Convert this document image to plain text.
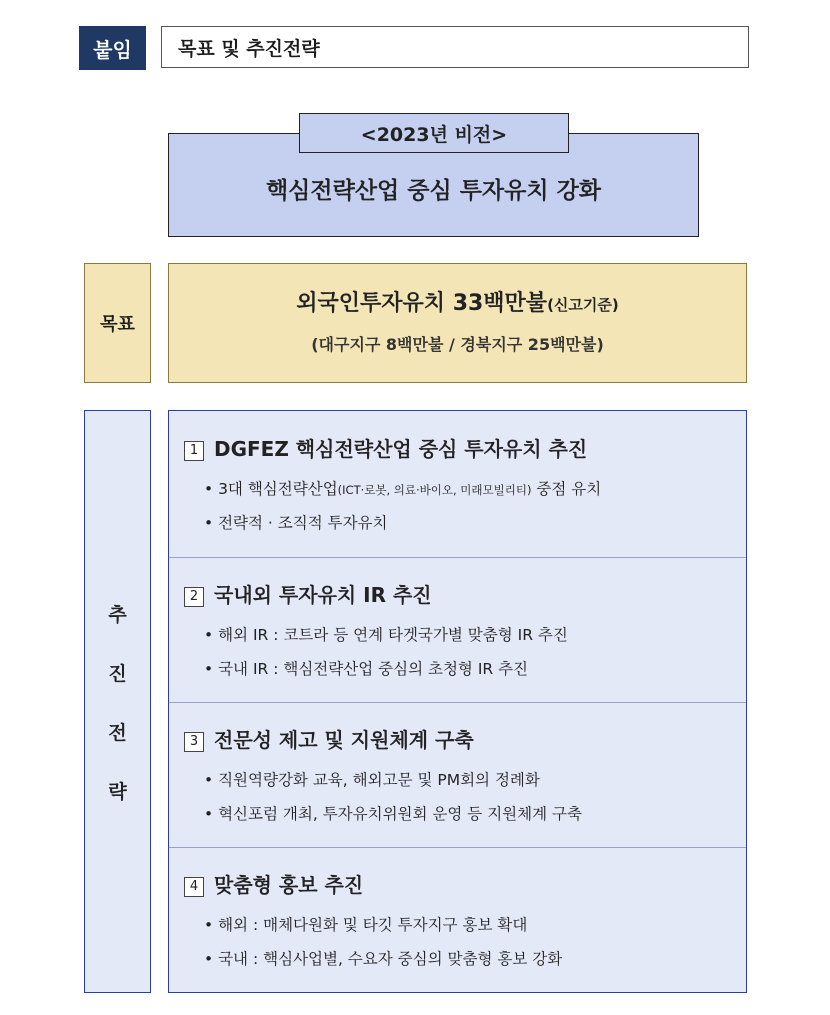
붙임	목표 및 추진전략
<2023년 비전>
핵심전략산업 중심 투자유치 강화
목표
외국인투자유치 33백만불(신고기준)
(대구지구 8백만불 / 경북지구 25백만불)
추
진
전
략
1 DGFEZ 핵심전략산업 중심 투자유치 추진
• 3대 핵심전략산업(ICT·로봇, 의료·바이오, 미래모빌리티) 중점 유치
• 전략적 · 조직적 투자유치
2 국내외 투자유치 IR 추진
• 해외 IR : 코트라 등 연계 타겟국가별 맞춤형 IR 추진
• 국내 IR : 핵심전략산업 중심의 초청형 IR 추진
3 전문성 제고 및 지원체계 구축
• 직원역량강화 교육, 해외고문 및 PM회의 정례화
• 혁신포럼 개최, 투자유치위원회 운영 등 지원체계 구축
4 맞춤형 홍보 추진
• 해외 : 매체다원화 및 타깃 투자지구 홍보 확대
• 국내 : 핵심사업별, 수요자 중심의 맞춤형 홍보 강화
